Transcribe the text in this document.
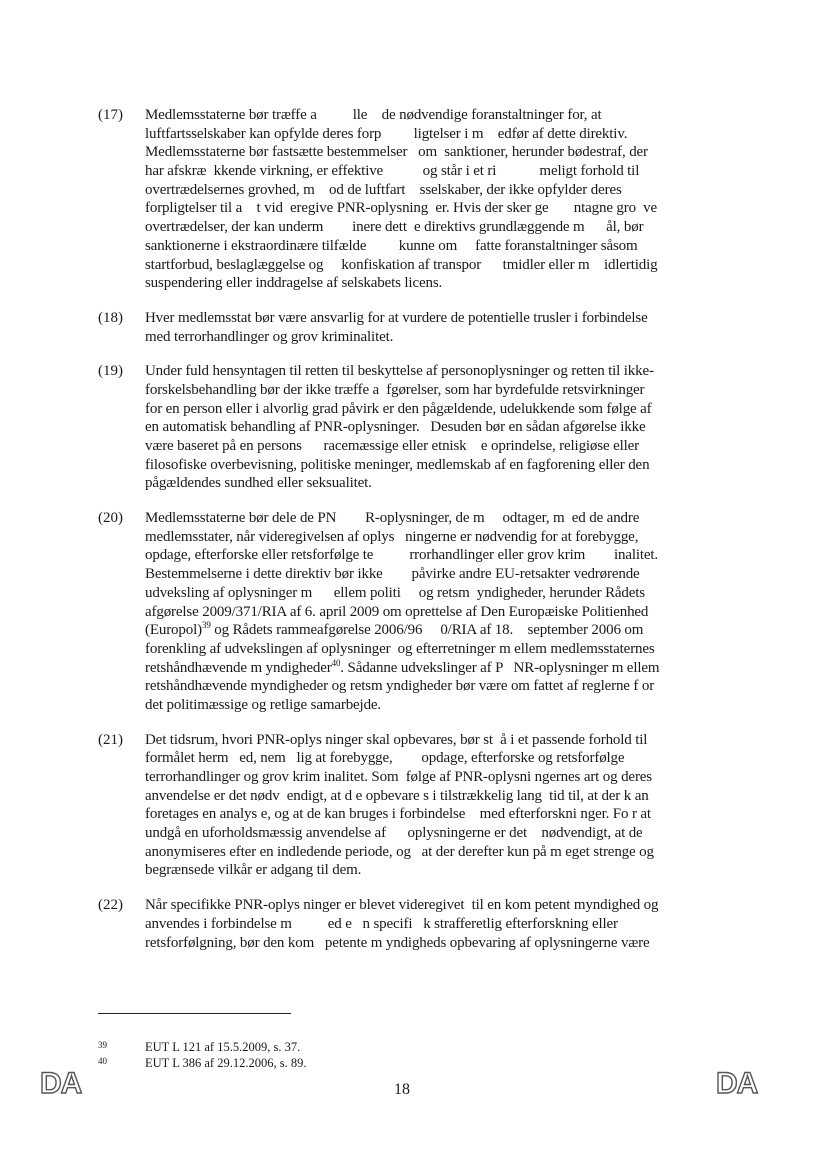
(17) Medlemsstaterne bør træffe a          lle    de nødvendige foranstaltninger for, at
luftfartsselskaber kan opfylde deres forp         ligtelser i m    edfør af dette direktiv.
Medlemsstaterne bør fastsætte bestemmelser   om  sanktioner, herunder bødestraf, der
har afskræ  kkende virkning, er effektive           og står i et ri            meligt forhold til
overtrædelsernes grovhed, m    od de luftfart    sselskaber, der ikke opfylder deres
forpligtelser til a    t vid  eregive PNR-oplysning  er. Hvis der sker ge       ntagne gro  ve
overtrædelser, der kan underm        inere dett  e direktivs grundlæggende m      ål, bør
sanktionerne i ekstraordinære tilfælde         kunne om     fatte foranstaltninger såsom
startforbud, beslaglæggelse og     konfiskation af transpor      tmidler eller m    idlertidig
suspendering eller inddragelse af selskabets licens.
(18) Hver medlemsstat bør være ansvarlig for at vurdere de potentielle trusler i forbindelse
med terrorhandlinger og grov kriminalitet.
(19) Under fuld hensyntagen til retten til beskyttelse af personoplysninger og retten til ikke-
forskelsbehandling bør der ikke træffe a  fgørelser, som har byrdefulde retsvirkninger
for en person eller i alvorlig grad påvirk er den pågældende, udelukkende som følge af
en automatisk behandling af PNR-oplysninger.   Desuden bør en sådan afgørelse ikke
være baseret på en persons      racemæssige eller etnisk    e oprindelse, religiøse eller
filosofiske overbevisning, politiske meninger, medlemskab af en fagforening eller den
pågældendes sundhed eller seksualitet.
(20) Medlemsstaterne bør dele de PN        R-oplysninger, de m     odtager, m  ed de andre
medlemsstater, når videregivelsen af oplys   ningerne er nødvendig for at forebygge,
opdage, efterforske eller retsforfølge te          rrorhandlinger eller grov krim        inalitet.
Bestemmelserne i dette direktiv bør ikke        påvirke andre EU-retsakter vedrørende
udveksling af oplysninger m      ellem politi     og retsm  yndigheder, herunder Rådets
afgørelse 2009/371/RIA af 6. april 2009 om oprettelse af Den Europæiske Politienhed
(Europol)$^{39}$ og Rådets rammeafgørelse 2006/96     0/RIA af 18.    september 2006 om
forenkling af udvekslingen af oplysninger  og efterretninger m ellem medlemsstaternes
retshåndhævende m yndigheder$^{40}$. Sådanne udvekslinger af P   NR-oplysninger m ellem
retshåndhævende myndigheder og retsm yndigheder bør være om fattet af reglerne f or
det politimæssige og retlige samarbejde.
(21) Det tidsrum, hvori PNR-oplys ninger skal opbevares, bør st  å i et passende forhold til
formålet herm   ed, nem   lig at forebygge,        opdage, efterforske og retsforfølge
terrorhandlinger og grov krim inalitet. Som  følge af PNR-oplysni ngernes art og deres
anvendelse er det nødv  endigt, at d e opbevare s i tilstrækkelig lang  tid til, at der k an
foretages en analys e, og at de kan bruges i forbindelse    med efterforskni nger. Fo r at
undgå en uforholdsmæssig anvendelse af      oplysningerne er det    nødvendigt, at de
anonymiseres efter en indledende periode, og   at der derefter kun på m eget strenge og
begrænsede vilkår er adgang til dem.
(22) Når specifikke PNR-oplys ninger er blevet videregivet  til en kom petent myndighed og
anvendes i forbindelse m          ed e   n specifi   k strafferetlig efterforskning eller
retsforfølgning, bør den kom   petente m yndigheds opbevaring af oplysningerne være

39

	EUT L 121 af 15.5.2009, s. 37.

40

	EUT L 386 af 29.12.2006, s. 89.

DA	18	DA
